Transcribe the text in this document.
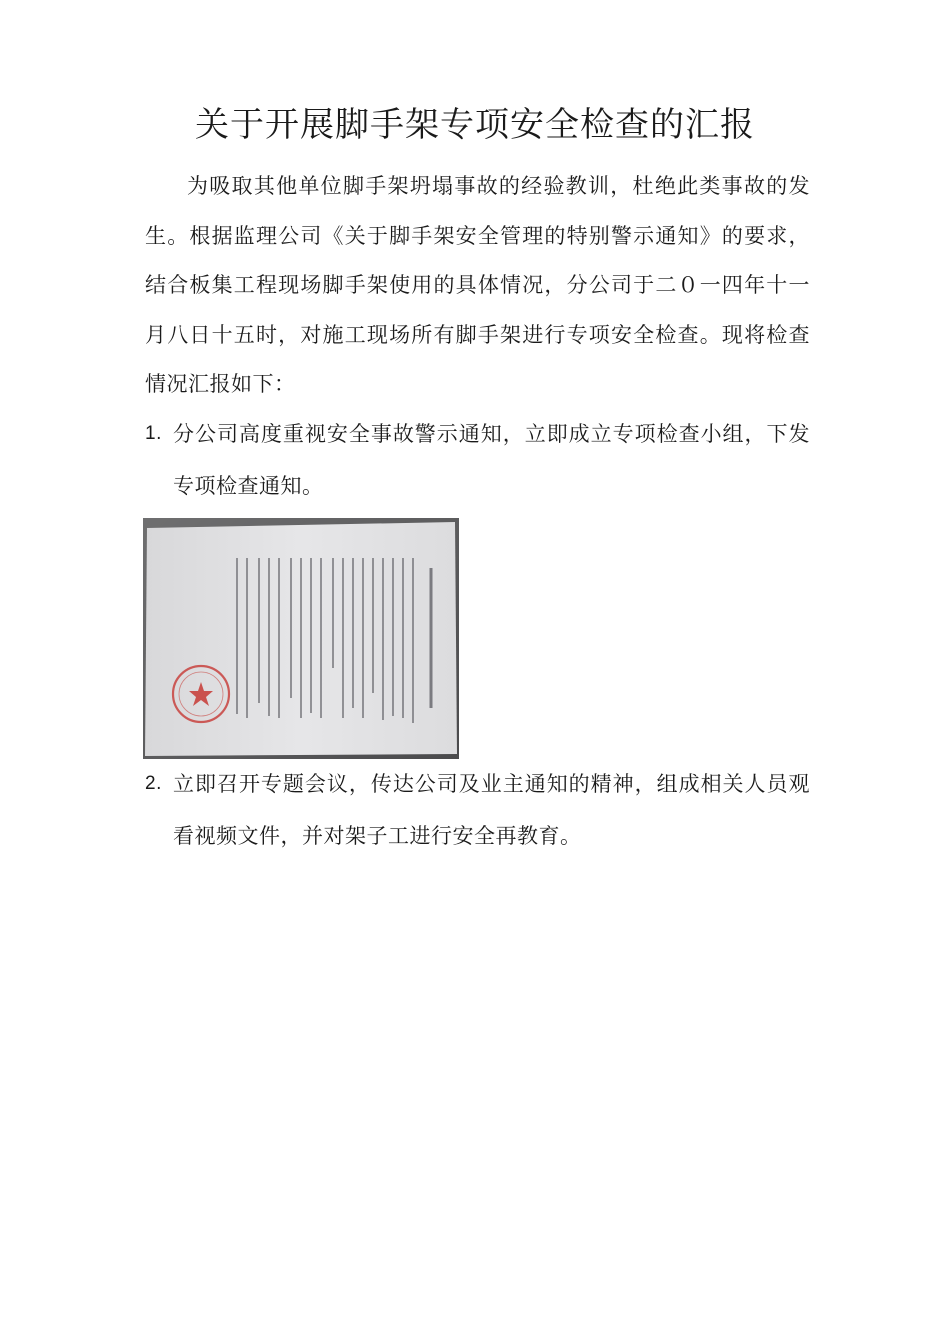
关于开展脚手架专项安全检查的汇报
为吸取其他单位脚手架坍塌事故的经验教训，杜绝此类事故的发生。根据监理公司《关于脚手架安全管理的特别警示通知》的要求，结合板集工程现场脚手架使用的具体情况，分公司于二０一四年十一月八日十五时，对施工现场所有脚手架进行专项安全检查。现将检查情况汇报如下：
1. 分公司高度重视安全事故警示通知，立即成立专项检查小组，下发专项检查通知。
2. 立即召开专题会议，传达公司及业主通知的精神，组成相关人员观看视频文件，并对架子工进行安全再教育。
